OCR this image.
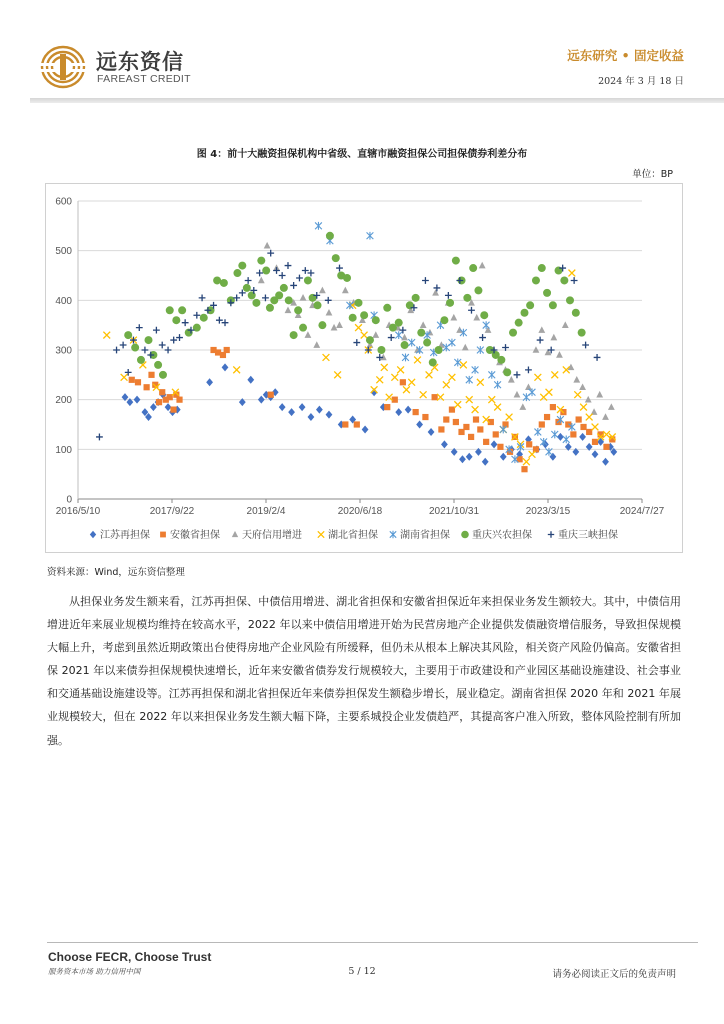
远东资信
FAREAST CREDIT
远东研究 • 固定收益
2024 年 3 月 18 日
图 4：前十大融资担保机构中省级、直辖市融资担保公司担保债券利差分布
单位：BP
0
100
200
300
400
500
600
2016/5/10	2017/9/22	2019/2/4	2020/6/18	2021/10/31	2023/3/15	2024/7/27
江苏再担保 安徽省担保 天府信用增进	湖北省担保 湖南省担保 重庆兴农担保	重庆三峡担保
资料来源：Wind，远东资信整理
从担保业务发生额来看，江苏再担保、中债信用增进、湖北省担保和安徽省担保近年来担保业务发生额较大。其中，中债信用增进近年来展业规模均维持在较高水平，2022 年以来中债信用增进开始为民营房地产企业提供发债融资增信服务，导致担保规模大幅上升，考虑到虽然近期政策出台使得房地产企业风险有所缓释，但仍未从根本上解决其风险，相关资产风险仍偏高。安徽省担保 2021 年以来债券担保规模快速增长，近年来安徽省债券发行规模较大，主要用于市政建设和产业园区基础设施建设、社会事业和交通基础设施建设等。江苏再担保和湖北省担保近年来债券担保发生额稳步增长，展业稳定。湖南省担保 2020 年和 2021 年展业规模较大，但在 2022 年以来担保业务发生额大幅下降，主要系城投企业发债趋严，其提高客户准入所致，整体风险控制有所加强。
Choose FECR, Choose Trust
服务资本市场 助力信用中国	5 / 12	请务必阅读正文后的免责声明
